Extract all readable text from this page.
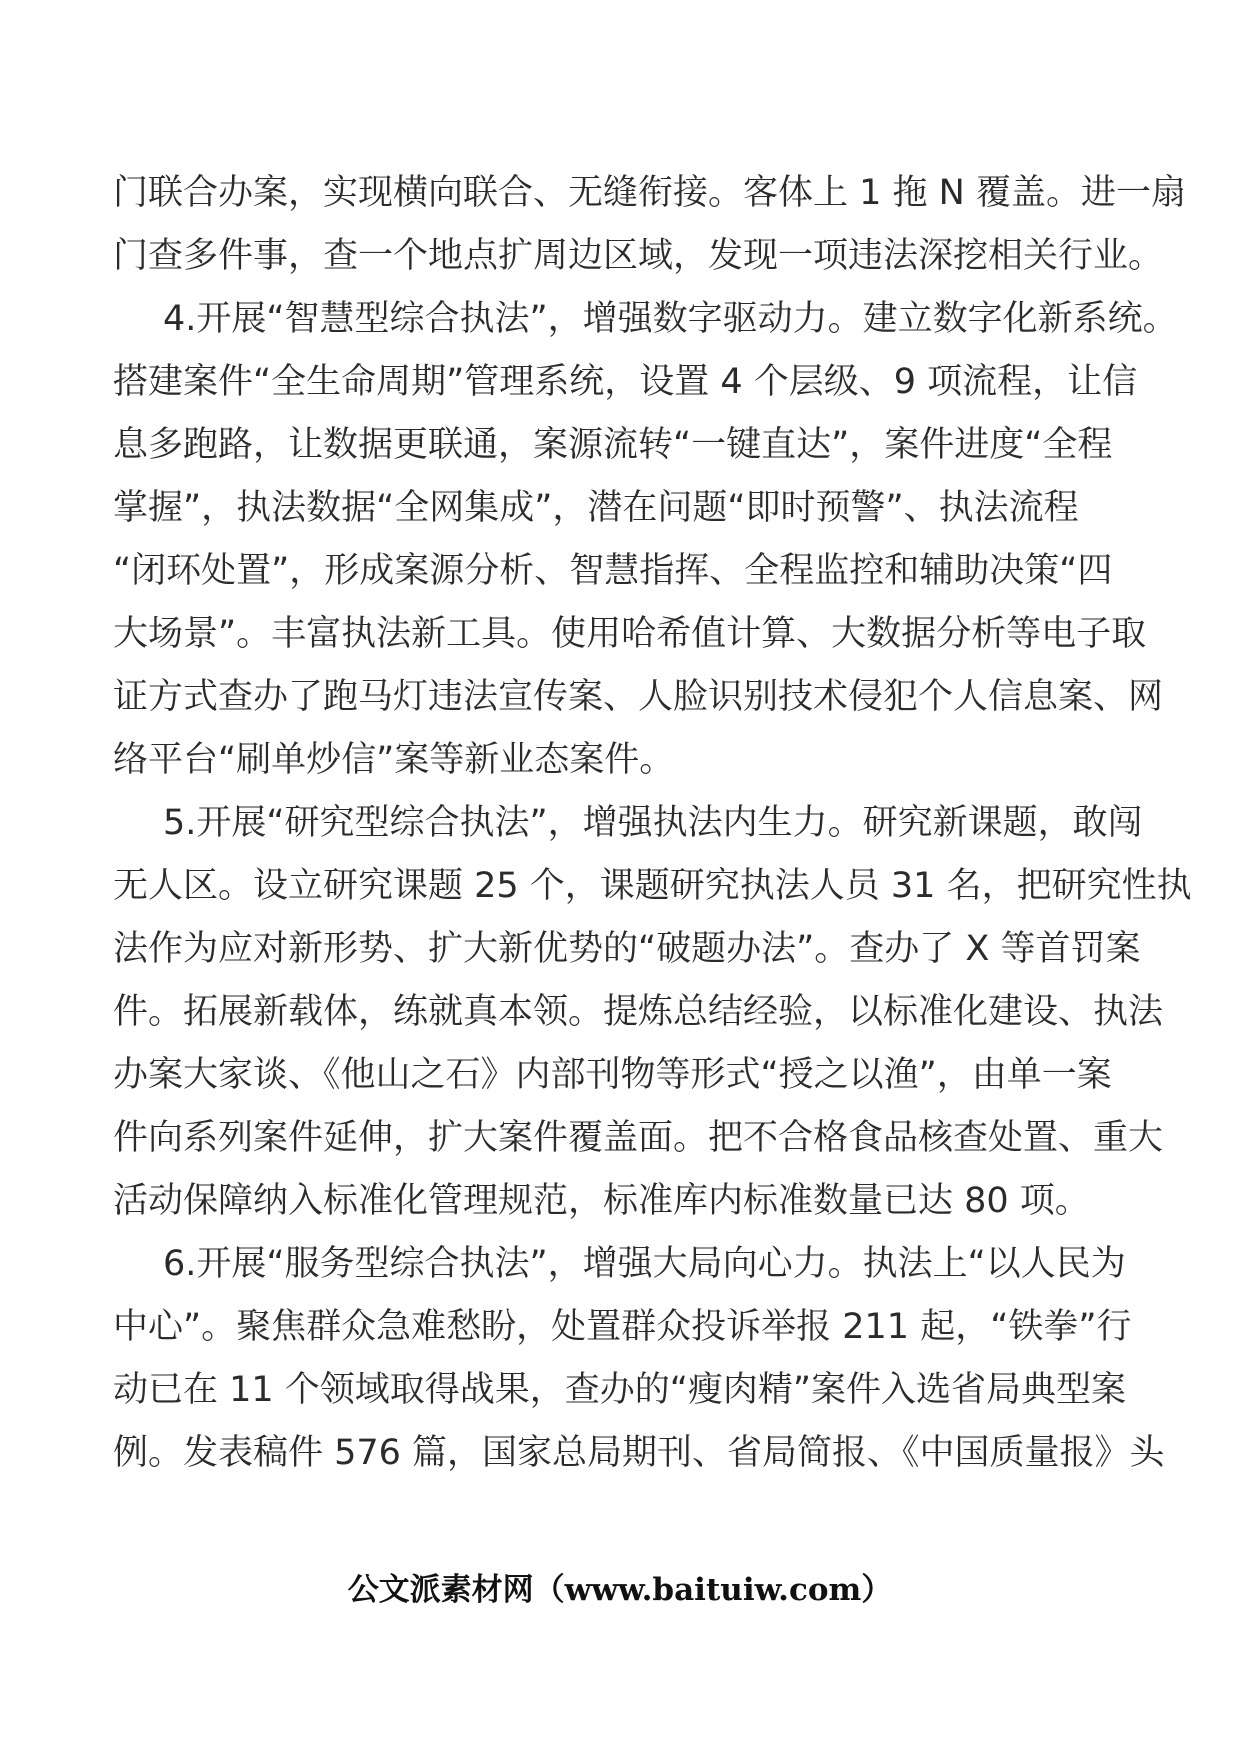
门联合办案，实现横向联合、无缝衔接。客体上 1 拖 N 覆盖。进一扇
门查多件事，查一个地点扩周边区域，发现一项违法深挖相关行业。
4.开展“智慧型综合执法”，增强数字驱动力。建立数字化新系统。
搭建案件“全生命周期”管理系统，设置 4 个层级、9 项流程，让信
息多跑路，让数据更联通，案源流转“一键直达”，案件进度“全程
掌握”，执法数据“全网集成”，潜在问题“即时预警”、执法流程
“闭环处置”，形成案源分析、智慧指挥、全程监控和辅助决策“四
大场景”。丰富执法新工具。使用哈希值计算、大数据分析等电子取
证方式查办了跑马灯违法宣传案、人脸识别技术侵犯个人信息案、网
络平台“刷单炒信”案等新业态案件。
5.开展“研究型综合执法”，增强执法内生力。研究新课题，敢闯
无人区。设立研究课题 25 个，课题研究执法人员 31 名，把研究性执
法作为应对新形势、扩大新优势的“破题办法”。查办了 X 等首罚案
件。拓展新载体，练就真本领。提炼总结经验，以标准化建设、执法
办案大家谈、《他山之石》内部刊物等形式“授之以渔”，由单一案
件向系列案件延伸，扩大案件覆盖面。把不合格食品核查处置、重大
活动保障纳入标准化管理规范，标准库内标准数量已达 80 项。
6.开展“服务型综合执法”，增强大局向心力。执法上“以人民为
中心”。聚焦群众急难愁盼，处置群众投诉举报 211 起，“铁拳”行
动已在 11 个领域取得战果，查办的“瘦肉精”案件入选省局典型案
例。发表稿件 576 篇，国家总局期刊、省局简报、《中国质量报》头
公文派素材网（www.baituiw.com）
